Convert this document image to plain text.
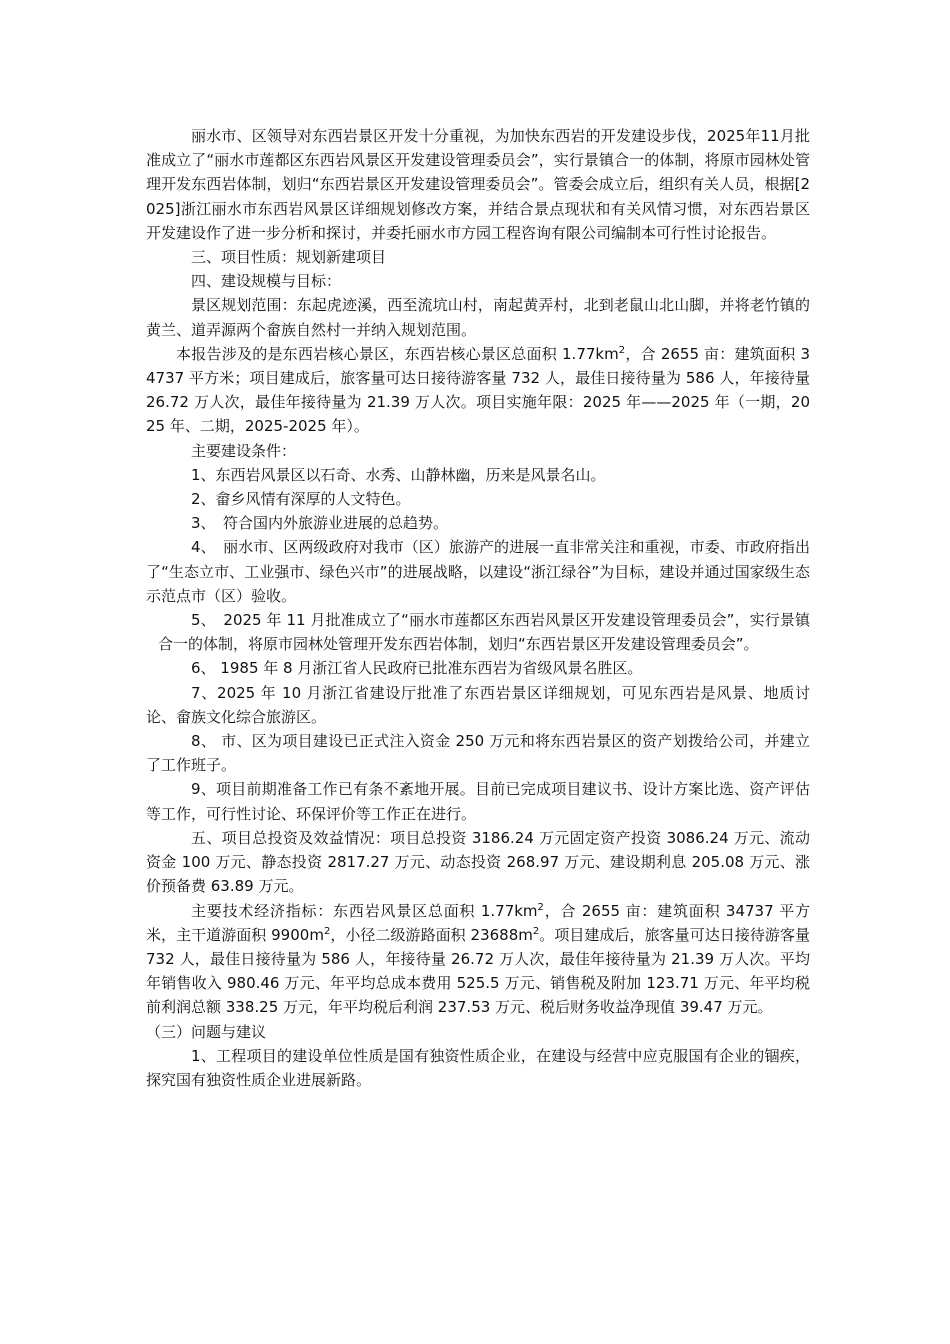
丽水市、区领导对东西岩景区开发十分重视，为加快东西岩的开发建设步伐，2025年11月批准成立了“丽水市莲都区东西岩风景区开发建设管理委员会”，实行景镇合一的体制，将原市园林处管理开发东西岩体制，划归“东西岩景区开发建设管理委员会”。管委会成立后，组织有关人员，根据[2025]浙江丽水市东西岩风景区详细规划修改方案，并结合景点现状和有关风情习惯，对东西岩景区开发建设作了进一步分析和探讨，并委托丽水市方园工程咨询有限公司编制本可行性讨论报告。

三、项目性质：规划新建项目

四、建设规模与目标：

景区规划范围：东起虎迹溪，西至流坑山村，南起黄弄村，北到老鼠山北山脚，并将老竹镇的黄兰、道弄源两个畲族自然村一并纳入规划范围。

本报告涉及的是东西岩核心景区，东西岩核心景区总面积 $1.77km^2$，合 2655 亩：建筑面积 34737 平方米；项目建成后，旅客量可达日接待游客量 732 人，最佳日接待量为 586 人，年接待量 26.72 万人次，最佳年接待量为 21.39 万人次。项目实施年限：2025 年——2025 年（一期，2025 年、二期，2025-2025 年）。

主要建设条件：

1、东西岩风景区以石奇、水秀、山静林幽，历来是风景名山。

2、畲乡风情有深厚的人文特色。

3、　符合国内外旅游业进展的总趋势。

4、　丽水市、区两级政府对我市（区）旅游产的进展一直非常关注和重视，市委、市政府指出了“生态立市、工业强市、绿色兴市”的进展战略，以建设“浙江绿谷”为目标，建设并通过国家级生态示范点市（区）验收。

5、　2025 年 11 月批准成立了“丽水市莲都区东西岩风景区开发建设管理委员会”，实行景镇合一的体制，将原市园林处管理开发东西岩体制，划归“东西岩景区开发建设管理委员会”。

6、 1985 年 8 月浙江省人民政府已批准东西岩为省级风景名胜区。

7、2025 年 10 月浙江省建设厅批准了东西岩景区详细规划，可见东西岩是风景、地质讨论、畲族文化综合旅游区。

8、 市、区为项目建设已正式注入资金 250 万元和将东西岩景区的资产划拨给公司，并建立了工作班子。

9、项目前期准备工作已有条不紊地开展。目前已完成项目建议书、设计方案比选、资产评估等工作，可行性讨论、环保评价等工作正在进行。

五、项目总投资及效益情况：项目总投资 3186.24 万元固定资产投资 3086.24 万元、流动资金 100 万元、静态投资 2817.27 万元、动态投资 268.97 万元、建设期利息 205.08 万元、涨价预备费 63.89 万元。

主要技术经济指标：东西岩风景区总面积 $1.77km^2$，合 2655 亩：建筑面积 34737 平方米，主干道游面积 $9900m^2$，小径二级游路面积 $23688m^2$。项目建成后，旅客量可达日接待游客量 732 人，最佳日接待量为 586 人，年接待量 26.72 万人次，最佳年接待量为 21.39 万人次。平均年销售收入 980.46 万元、年平均总成本费用 525.5 万元、销售税及附加 123.71 万元、年平均税前利润总额 338.25 万元，年平均税后利润 237.53 万元、税后财务收益净现值 39.47 万元。

（三）问题与建议

1、工程项目的建设单位性质是国有独资性质企业，在建设与经营中应克服国有企业的锢疾，探究国有独资性质企业进展新路。
